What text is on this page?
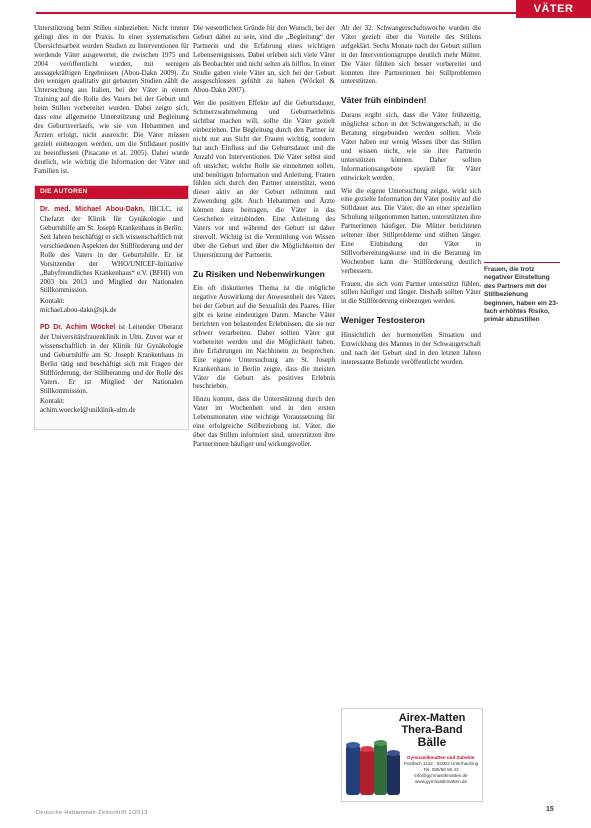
VÄTER

Unterstützung beim Stillen einbeziehen. Nicht immer gelingt dies in der Praxis. In einer systematischen Übersichtsarbeit wurden Studien zu Interventionen für werdende Väter ausgewertet, die zwischen 1975 und 2004 veröffentlicht wurden, mit wenigen aussagekräftigen Ergebnissen (Abou-Dakn 2009). Zu den wenigen qualitativ gut gebauten Studien zählt die Untersuchung aus Italien, bei der Väter in einem Training auf die Rolle des Vaters bei der Geburt und beim Stillen vorbereitet wurden. Dabei zeigte sich, dass eine allgemeine Unterstützung und Begleitung des Geburtsverlaufs, wie sie von Hebammen und Ärzten erfolgt, nicht ausreicht: Die Väter müssen gezielt einbezogen werden, um die Stilldauer positiv zu beeinflussen (Pisacane et al. 2005). Dabei wurde deutlich, wie wichtig die Information der Väter und Familien ist.

DIE AUTOREN
Dr. med. Michael Abou-Dakn, IBCLC, ist Chefarzt der Klinik für Gynäkologie und Geburtshilfe am St. Joseph Krankenhaus in Berlin. Seit Jahren beschäftigt er sich wissenschaftlich mit verschiedenen Aspekten der Stillförderung und der Rolle des Vaters in der Geburtshilfe. Er ist Vorsitzender der WHO/UNICEF-Initiative „Babyfreundliches Krankenhaus“ e.V. (BFHI) von 2003 bis 2013 und Mitglied der Nationalen Stillkommission.
Kontakt:
michael.abou-dakn@sjk.de
PD Dr. Achim Wöckel ist Leitender Oberarzt der Universitätsfrauenklinik in Ulm. Zuvor war er wissenschaftlich in der Klinik für Gynäkologie und Geburtshilfe am St. Joseph Krankenhaus in Berlin tätig und beschäftigt sich mit Fragen der Stillförderung, der Stillberatung und der Rolle des Vaters. Er ist Mitglied der Nationalen Stillkommission.
Kontakt:
achim.woeckel@uniklinik-ulm.de

Die wesentlichen Gründe für den Wunsch, bei der Geburt dabei zu sein, sind die „Begleitung“ der Partnerin und die Erfahrung eines wichtigen Lebensereignisses. Dabei erleben sich viele Väter als Beobachter und nicht selten als hilflos. In einer Studie gaben viele Väter an, sich bei der Geburt ausgeschlossen gefühlt zu haben (Wöckel & Abou-Dakn 2007).

Wer die positiven Effekte auf die Geburtsdauer, Schmerzwahrnehmung und Geburtserlebnis sichtbar machen will, sollte die Väter gezielt einbeziehen. Die Begleitung durch den Partner ist nicht nur aus Sicht der Frauen wichtig, sondern hat auch Einfluss auf die Geburtsdauer und die Anzahl von Interventionen. Die Väter selbst sind oft unsicher, welche Rolle sie einnehmen sollen, und benötigen Information und Anleitung. Frauen fühlen sich durch den Partner unterstützt, wenn dieser aktiv an der Geburt teilnimmt und Zuwendung gibt. Auch Hebammen und Ärzte können dazu beitragen, die Väter in das Geschehen einzubinden. Eine Anleitung des Vaters vor und während der Geburt ist daher sinnvoll. Wichtig ist die Vermittlung von Wissen über die Geburt und über die Möglichkeiten der Unterstützung der Partnerin.

Zu Risiken und Nebenwirkungen

Ein oft diskutiertes Thema ist die mögliche negative Auswirkung der Anwesenheit des Vaters bei der Geburt auf die Sexualität des Paares. Hier gibt es keine eindeutigen Daten. Manche Väter berichten von belastenden Erlebnissen, die sie nur schwer verarbeiten. Daher sollten Väter gut vorbereitet werden und die Möglichkeit haben, ihre Erfahrungen im Nachhinein zu besprechen. Eine eigene Untersuchung am St. Joseph Krankenhaus in Berlin zeigte, dass die meisten Väter die Geburt als positives Erlebnis beschrieben.

Hinzu kommt, dass die Unterstützung durch den Vater im Wochenbett und in den ersten Lebensmonaten eine wichtige Voraussetzung für eine erfolgreiche Stillbeziehung ist. Väter, die über das Stillen informiert sind, unterstützen ihre Partnerinnen häufiger und wirkungsvoller.

Ab der 32. Schwangerschaftswoche wurden die Väter gezielt über die Vorteile des Stillens aufgeklärt. Sechs Monate nach der Geburt stillten in der Interventionsgruppe deutlich mehr Mütter. Die Väter fühlten sich besser vorbereitet und konnten ihre Partnerinnen bei Stillproblemen unterstützen.

Väter früh einbinden!

Daraus ergibt sich, dass die Väter frühzeitig, möglichst schon in der Schwangerschaft, in die Beratung eingebunden werden sollten. Viele Väter haben nur wenig Wissen über das Stillen und wissen nicht, wie sie ihre Partnerin unterstützen können. Daher sollten Informationsangebote speziell für Väter entwickelt werden.

Wie die eigene Untersuchung zeigte, wirkt sich eine gezielte Information der Väter positiv auf die Stilldauer aus. Die Väter, die an einer speziellen Schulung teilgenommen hatten, unterstützten ihre Partnerinnen häufiger. Die Mütter berichteten seltener über Stillprobleme und stillten länger. Eine Einbindung der Väter in Stillvorbereitungskurse und in die Beratung im Wochenbett kann die Stillförderung deutlich verbessern.

Frauen, die sich vom Partner unterstützt fühlen, stillen häufiger und länger. Deshalb sollten Väter in die Stillförderung einbezogen werden.

Weniger Testosteron

Hinsichtlich der hormonellen Situation und Entwicklung des Mannes in der Schwangerschaft und nach der Geburt sind in den letzten Jahren interessante Befunde veröffentlicht worden.

Frauen, die trotz negativer Einstellung des Partners mit der Stillbeziehung beginnen, haben ein 23-fach erhöhtes Risiko, primär abzustillen
Airex-Matten
Thera-Band
Bälle
Gymnastikmatten und Zubehör
Postfach 1142 · 82002 Unterhaching
Tel. 089/66 56 42
info@gymnastikmatten.de
www.gymnastikmatten.de
Deutsche Hebammen-Zeitschrift 1/2013	15
